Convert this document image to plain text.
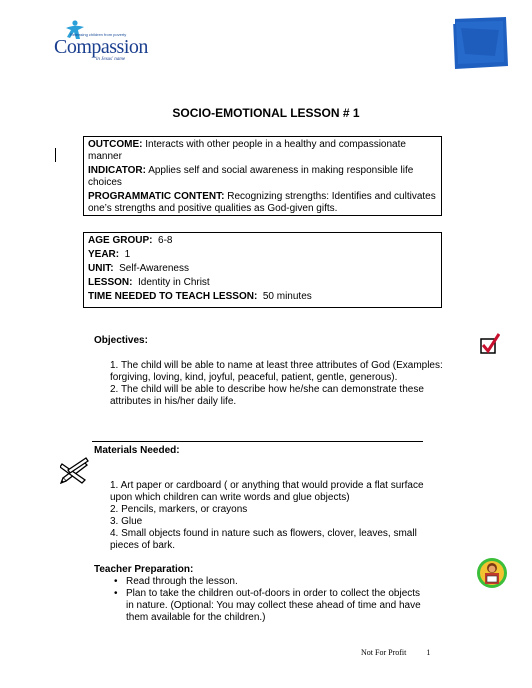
Releasing children from poverty
Compassion
in Jesus' name
SOCIO-EMOTIONAL LESSON # 1
OUTCOME: Interacts with other people in a healthy and compassionate manner
INDICATOR: Applies self and social awareness in making responsible life choices
PROGRAMMATIC CONTENT: Recognizing strengths: Identifies and cultivates one’s strengths and positive qualities as God-given gifts.
AGE GROUP:  6-8
YEAR:  1
UNIT:  Self-Awareness
LESSON:  Identity in Christ
TIME NEEDED TO TEACH LESSON:  50 minutes
Objectives:

1. The child will be able to name at least three attributes of God (Examples: forgiving, loving, kind, joyful, peaceful, patient, gentle, generous).

2. The child will be able to describe how he/she can demonstrate these attributes in his/her daily life.

Materials Needed:

1. Art paper or cardboard ( or anything that would provide a flat surface upon which children can write words and glue objects)

2. Pencils, markers, or crayons

3. Glue

4. Small objects found in nature such as flowers, clover, leaves, small pieces of bark.

Teacher Preparation:
• Read through the lesson.
• Plan to take the children out-of-doors in order to collect the objects in nature. (Optional: You may collect these ahead of time and have them available for the children.)
Not For Profit	1
